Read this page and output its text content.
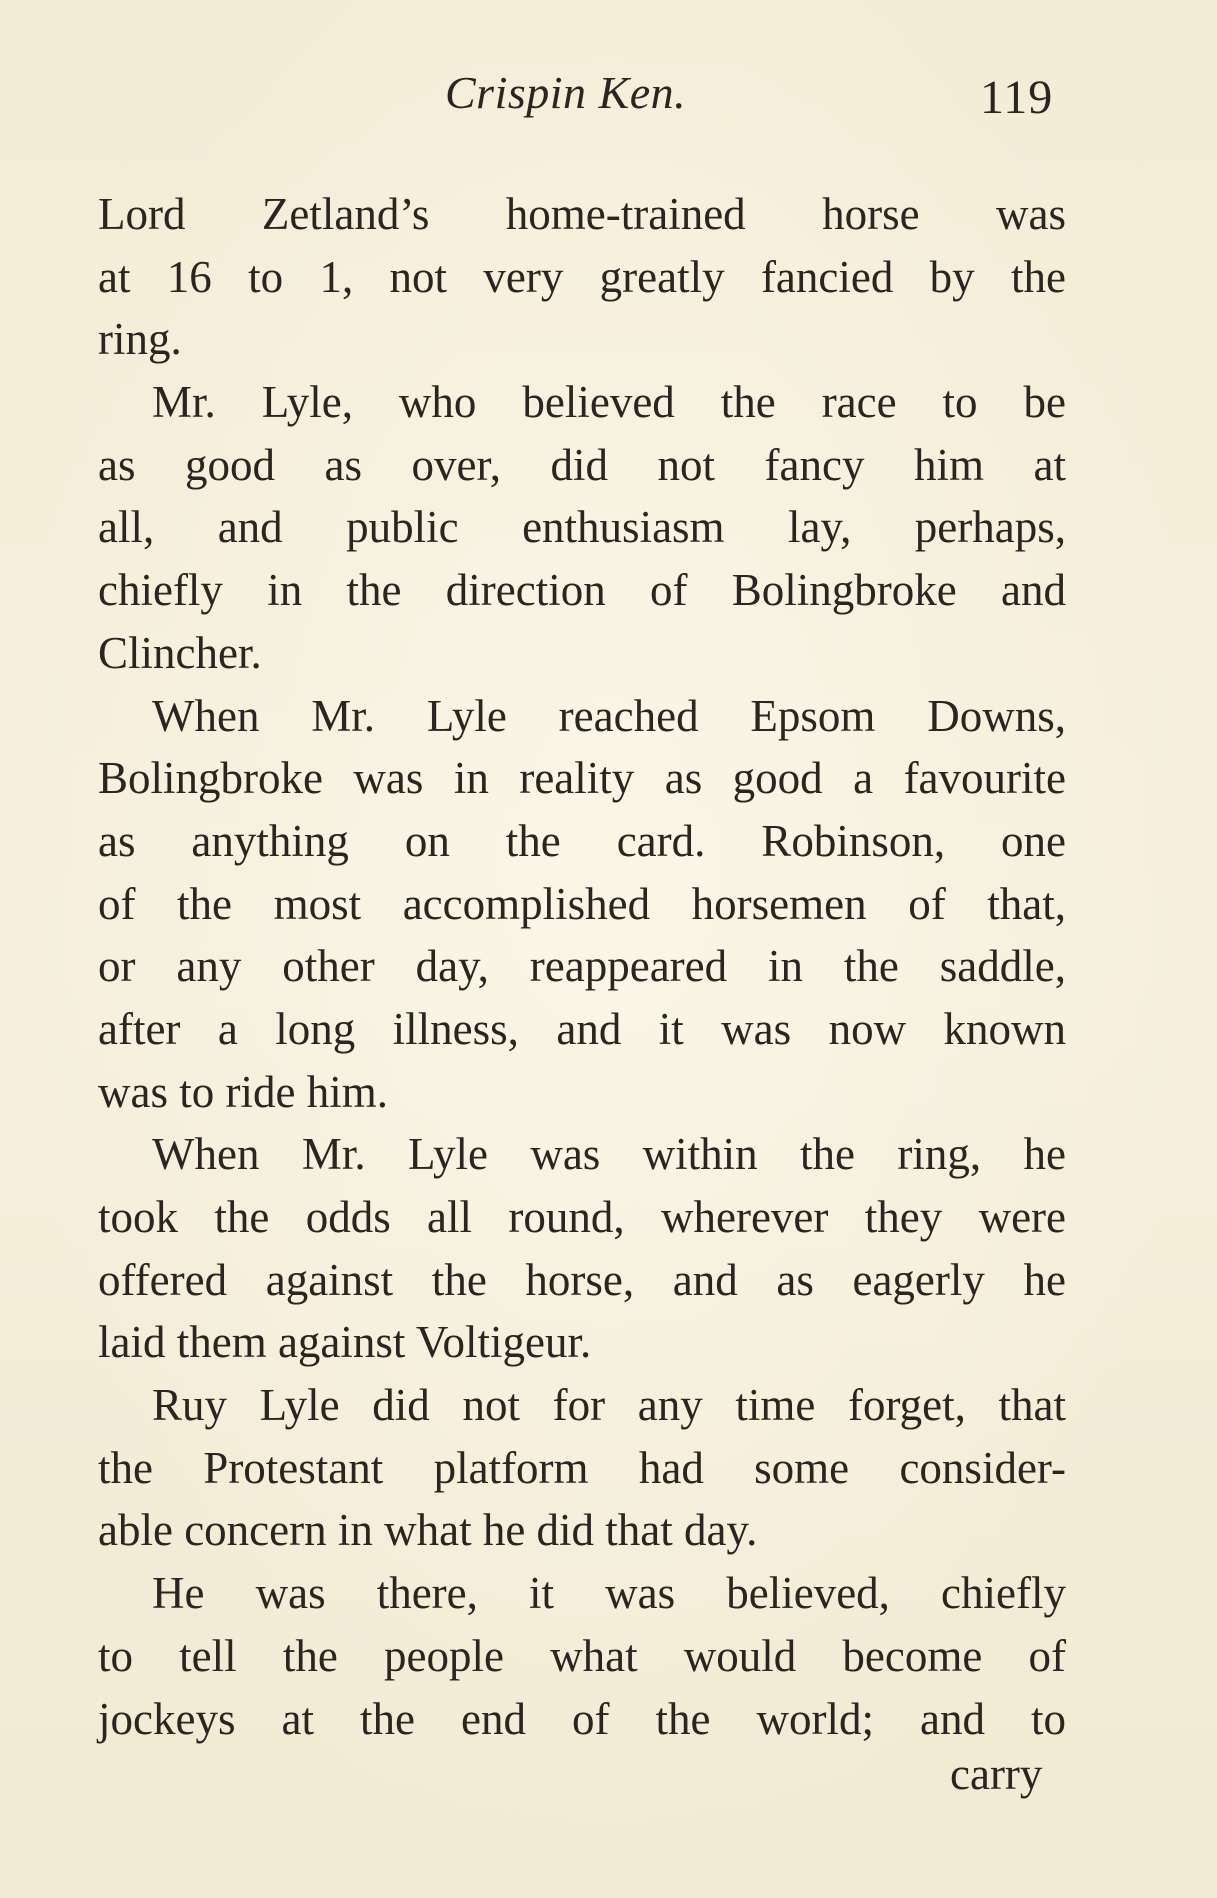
Crispin Ken.	119
Lord Zetland’s home-trained horse was
at 16 to 1, not very greatly fancied by the
ring.
Mr. Lyle, who believed the race to be
as good as over, did not fancy him at
all, and public enthusiasm lay, perhaps,
chiefly in the direction of Bolingbroke and
Clincher.
When Mr. Lyle reached Epsom Downs,
Bolingbroke was in reality as good a favourite
as anything on the card. Robinson, one
of the most accomplished horsemen of that,
or any other day, reappeared in the saddle,
after a long illness, and it was now known
was to ride him.
When Mr. Lyle was within the ring, he
took the odds all round, wherever they were
offered against the horse, and as eagerly he
laid them against Voltigeur.
Ruy Lyle did not for any time forget, that
the Protestant platform had some consider-
able concern in what he did that day.
He was there, it was believed, chiefly
to tell the people what would become of
jockeys at the end of the world; and to
carry
